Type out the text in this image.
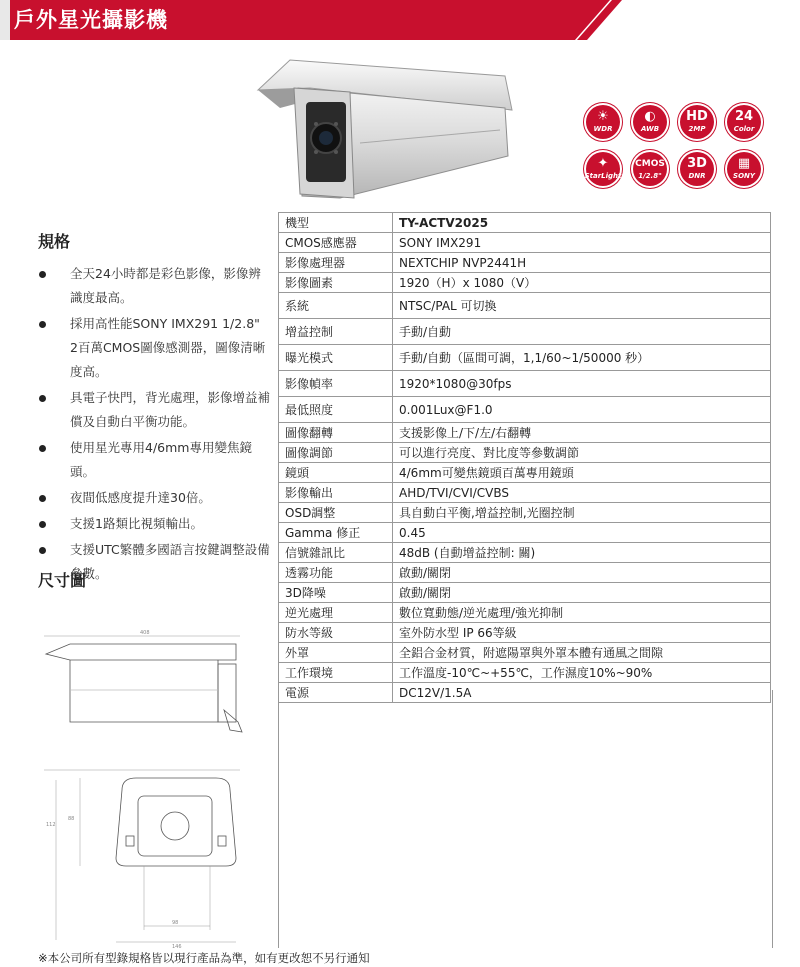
戶外星光攝影機
☀
WDR
◐
AWB
HD
2MP
24
Color
✦
StarLight
CMOS
1/2.8"
3D
DNR
▦
SONY
規格
全天24小時都是彩色影像，影像辨識度最高。
採用高性能SONY IMX291 1/2.8" 2百萬CMOS圖像感測器，圖像清晰度高。
具電子快門，背光處理，影像增益補償及自動白平衡功能。
使用星光專用4/6mm專用變焦鏡頭。
夜間低感度提升達30倍。
支援1路類比視頻輸出。
支援UTC繁體多國語言按鍵調整設備參數。
尺寸圖
408
112
88
98
146
機型	TY-ACTV2025
CMOS感應器	SONY IMX291
影像處理器	NEXTCHIP NVP2441H
影像圖素	1920（H）x 1080（V）
系統	NTSC/PAL 可切換
增益控制	手動/自動
曝光模式	手動/自動（區間可調，1,1/60~1/50000 秒）
影像幀率	1920*1080@30fps
最低照度	0.001Lux@F1.0
圖像翻轉	支援影像上/下/左/右翻轉
圖像調節	可以進行亮度、對比度等參數調節
鏡頭	4/6mm可變焦鏡頭百萬專用鏡頭
影像輸出	AHD/TVI/CVI/CVBS
OSD調整	具自動白平衡,增益控制,光圈控制
Gamma 修正	0.45
信號雜訊比	48dB (自動增益控制: 關)
透霧功能	啟動/關閉
3D降噪	啟動/關閉
逆光處理	數位寬動態/逆光處理/強光抑制
防水等級	室外防水型 IP 66等級
外罩	全鋁合金材質，附遮陽罩與外罩本體有通風之間隙
工作環境	工作溫度-10℃~+55℃，工作濕度10%~90%
電源	DC12V/1.5A
※本公司所有型錄規格皆以現行產品為準，如有更改恕不另行通知
